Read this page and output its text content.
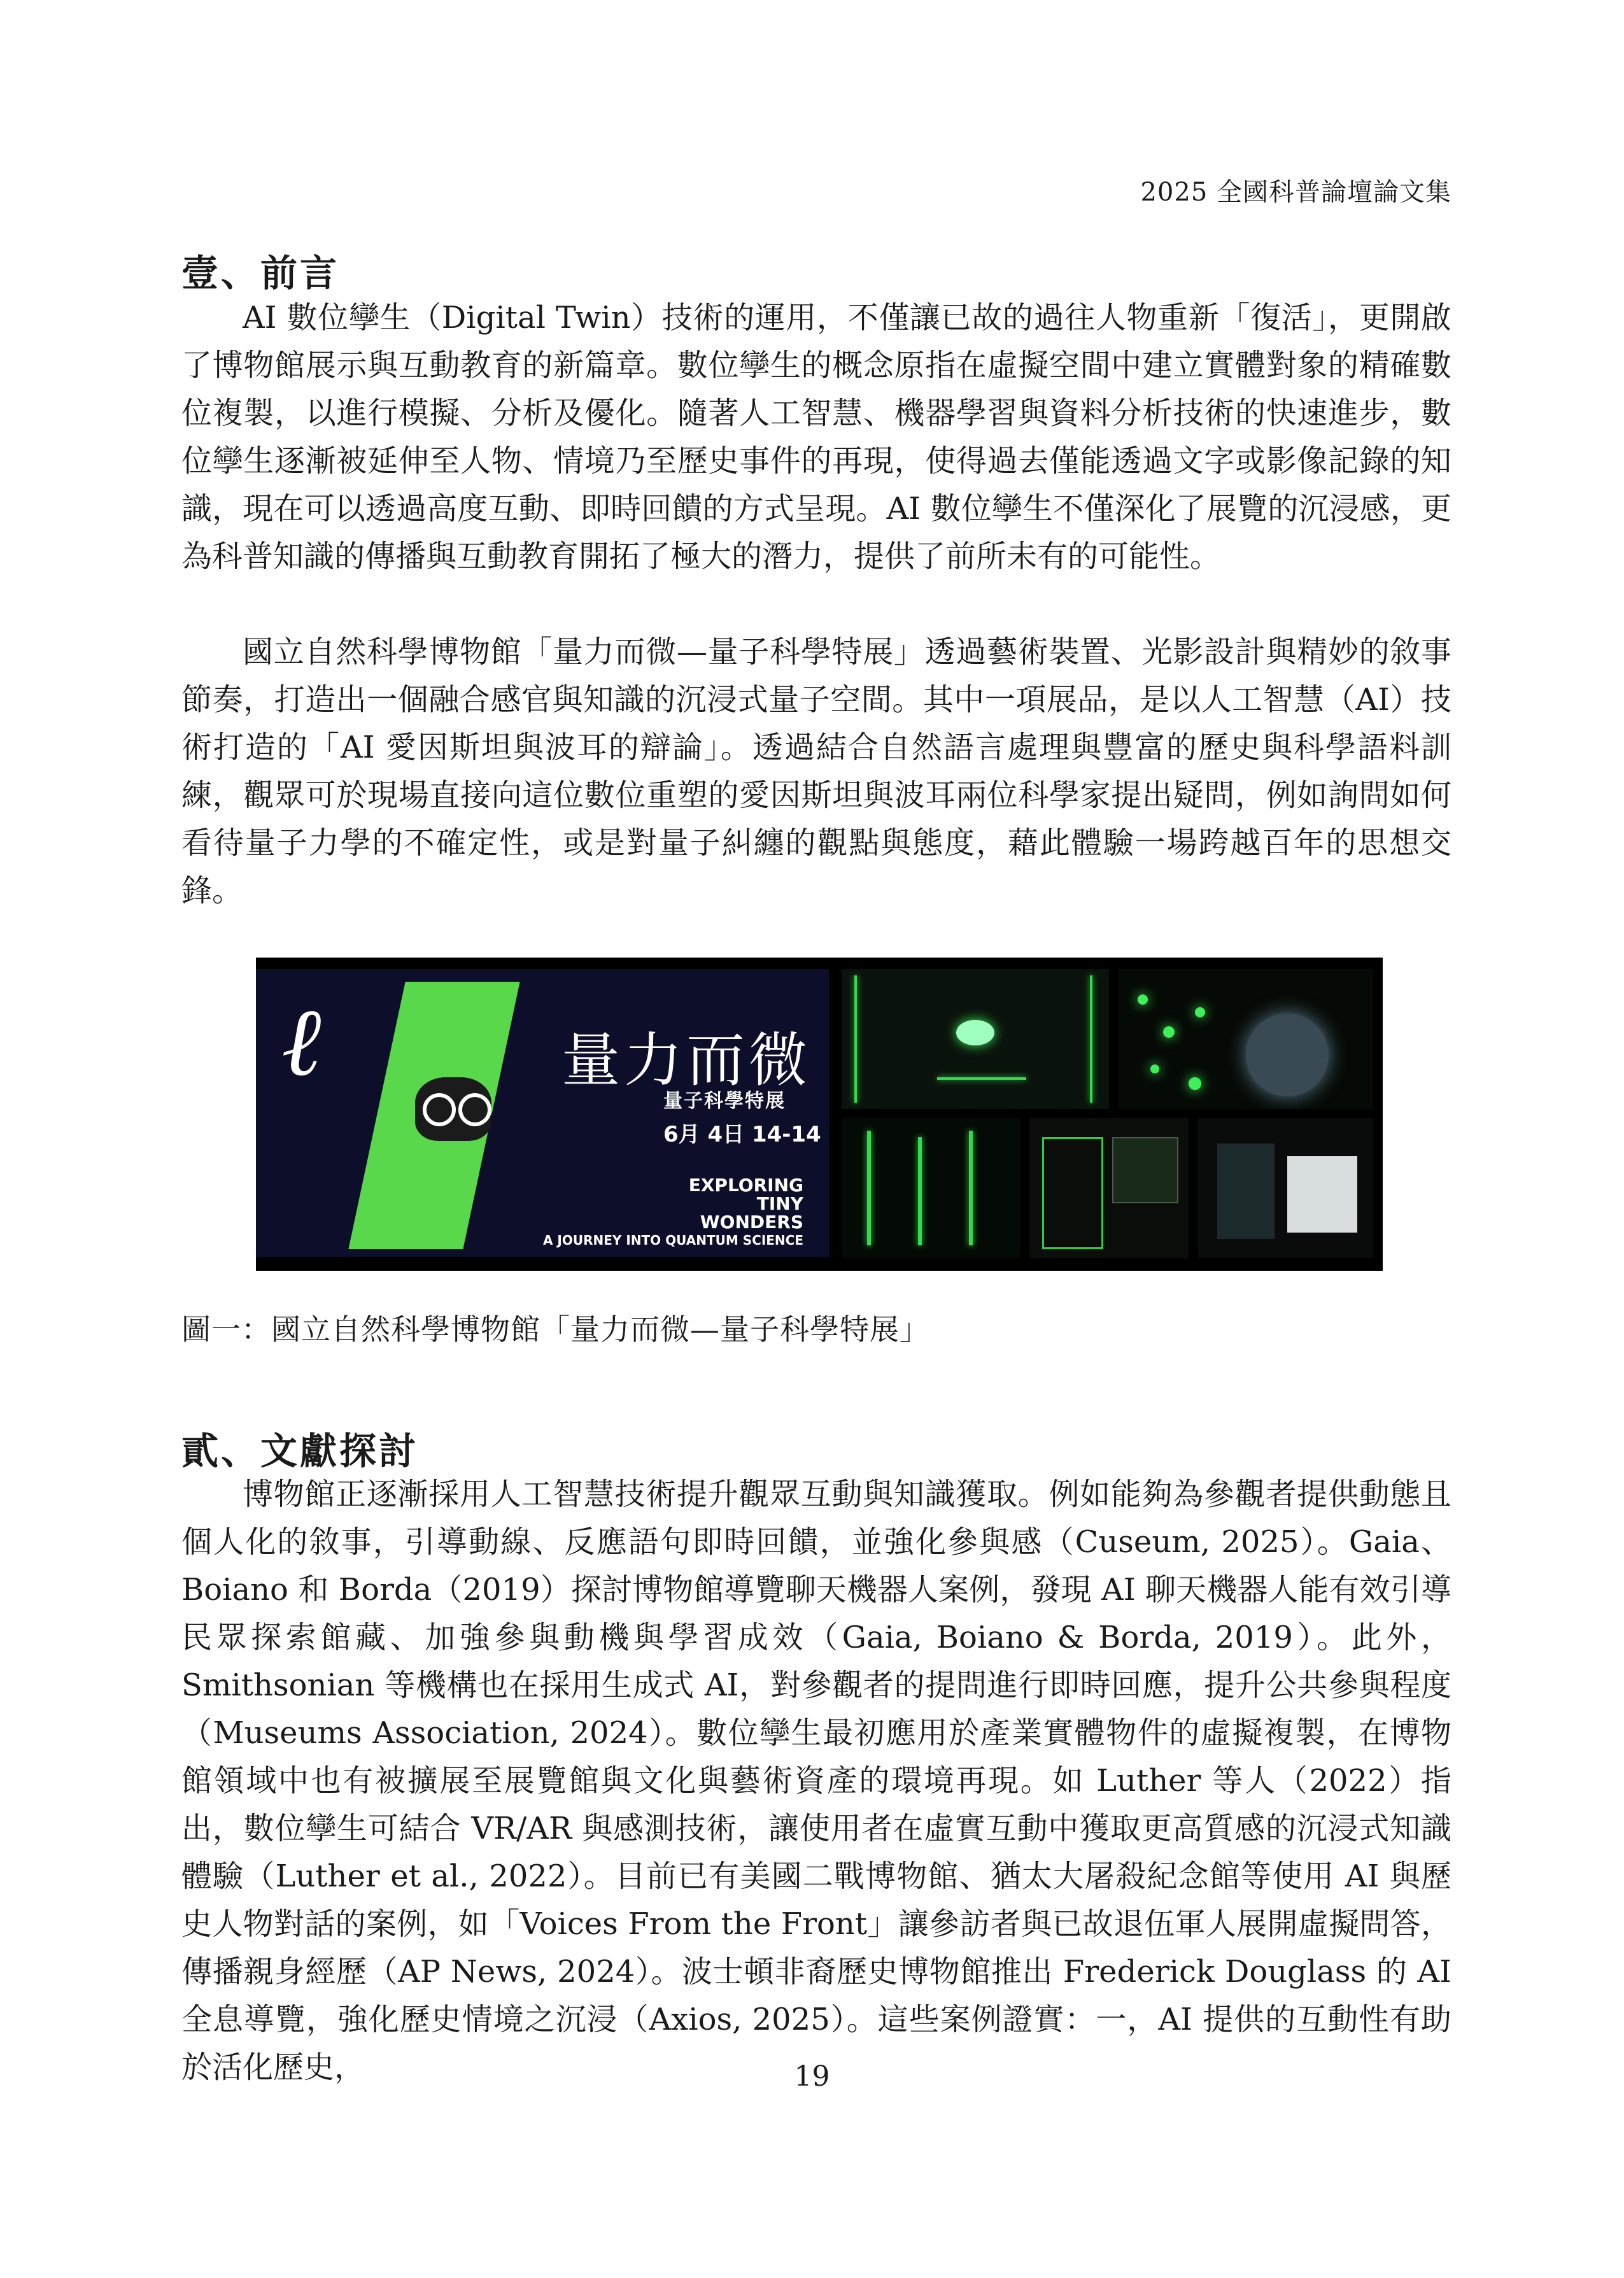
2025 全國科普論壇論文集
壹、前言

AI 數位孿生（Digital Twin）技術的運用，不僅讓已故的過往人物重新「復活」，更開啟了博物館展示與互動教育的新篇章。數位孿生的概念原指在虛擬空間中建立實體對象的精確數位複製，以進行模擬、分析及優化。隨著人工智慧、機器學習與資料分析技術的快速進步，數位孿生逐漸被延伸至人物、情境乃至歷史事件的再現，使得過去僅能透過文字或影像記錄的知識，現在可以透過高度互動、即時回饋的方式呈現。AI 數位孿生不僅深化了展覽的沉浸感，更為科普知識的傳播與互動教育開拓了極大的潛力，提供了前所未有的可能性。

國立自然科學博物館「量力而微—量子科學特展」透過藝術裝置、光影設計與精妙的敘事節奏，打造出一個融合感官與知識的沉浸式量子空間。其中一項展品，是以人工智慧（AI）技術打造的「AI 愛因斯坦與波耳的辯論」。透過結合自然語言處理與豐富的歷史與科學語料訓練，觀眾可於現場直接向這位數位重塑的愛因斯坦與波耳兩位科學家提出疑問，例如詢問如何看待量子力學的不確定性，或是對量子糾纏的觀點與態度，藉此體驗一場跨越百年的思想交鋒。

ℓ	量力而微
量子科學特展
6月 4日 14-14
EXPLORING
TINY
WONDERS
A JOURNEY INTO QUANTUM SCIENCE
圖一：國立自然科學博物館「量力而微—量子科學特展」
貳、文獻探討

博物館正逐漸採用人工智慧技術提升觀眾互動與知識獲取。例如能夠為參觀者提供動態且個人化的敘事，引導動線、反應語句即時回饋，並強化參與感（Cuseum, 2025）。Gaia、Boiano 和 Borda（2019）探討博物館導覽聊天機器人案例，發現 AI 聊天機器人能有效引導民眾探索館藏、加強參與動機與學習成效（Gaia, Boiano & Borda, 2019）。此外，Smithsonian 等機構也在採用生成式 AI，對參觀者的提問進行即時回應，提升公共參與程度（Museums Association, 2024）。數位孿生最初應用於產業實體物件的虛擬複製，在博物館領域中也有被擴展至展覽館與文化與藝術資產的環境再現。如 Luther 等人（2022）指出，數位孿生可結合 VR/AR 與感測技術，讓使用者在虛實互動中獲取更高質感的沉浸式知識體驗（Luther et al., 2022）。目前已有美國二戰博物館、猶太大屠殺紀念館等使用 AI 與歷史人物對話的案例，如「Voices From the Front」讓參訪者與已故退伍軍人展開虛擬問答，傳播親身經歷（AP News, 2024）。波士頓非裔歷史博物館推出 Frederick Douglass 的 AI 全息導覽，強化歷史情境之沉浸（Axios, 2025）。這些案例證實：一，AI 提供的互動性有助於活化歷史，	19
